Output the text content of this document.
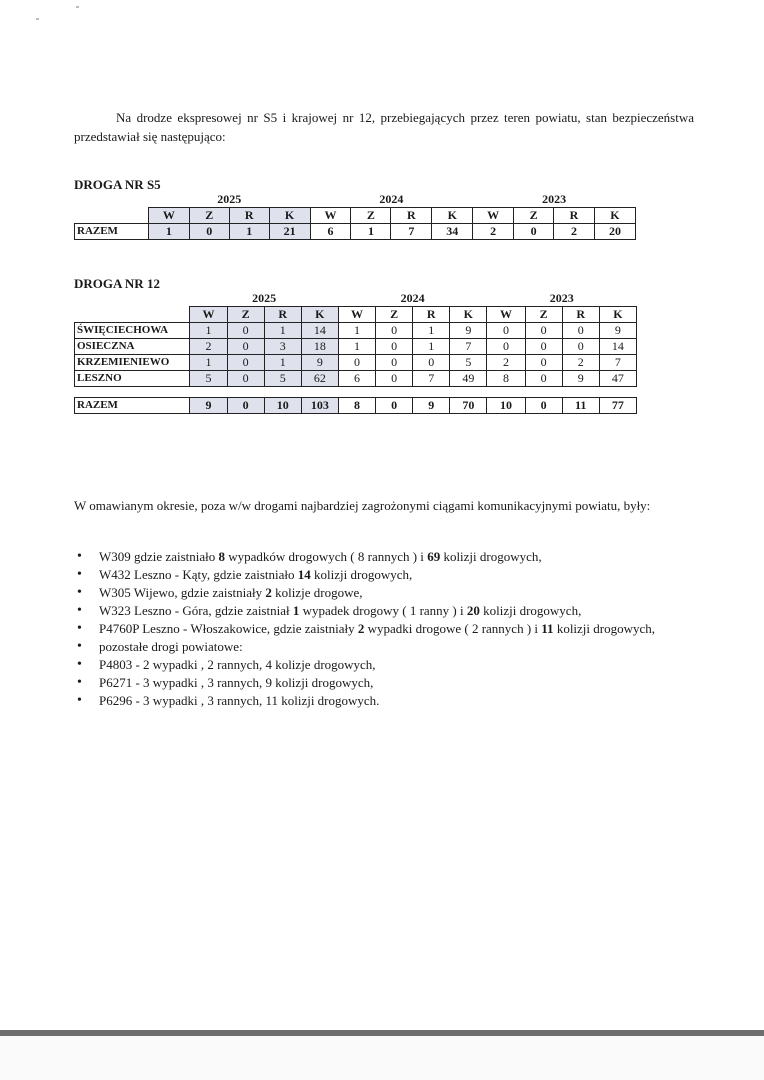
Na drodze ekspresowej nr S5 i krajowej nr 12, przebiegających przez teren powiatu, stan bezpieczeństwa przedstawiał się następująco:
DROGA NR S5
	2025				2024				2023			
	W	Z	R	K	W	Z	R	K	W	Z	R	K
RAZEM	1	0	1	21	6	1	7	34	2	0	2	20
DROGA NR 12
	2025				2024				2023			
	W	Z	R	K	W	Z	R	K	W	Z	R	K
ŚWIĘCIECHOWA	1	0	1	14	1	0	1	9	0	0	0	9
OSIECZNA	2	0	3	18	1	0	1	7	0	0	0	14
KRZEMIENIEWO	1	0	1	9	0	0	0	5	2	0	2	7
LESZNO	5	0	5	62	6	0	7	49	8	0	9	47

RAZEM	9	0	10	103	8	0	9	70	10	0	11	77
W omawianym okresie, poza w/w drogami najbardziej zagrożonymi ciągami komunikacyjnymi powiatu, były:
• W309 gdzie zaistniało 8 wypadków drogowych ( 8 rannych ) i 69 kolizji drogowych,
• W432 Leszno - Kąty, gdzie zaistniało 14 kolizji drogowych,
• W305 Wijewo, gdzie zaistniały 2 kolizje drogowe,
• W323 Leszno - Góra, gdzie zaistniał 1 wypadek drogowy ( 1 ranny ) i 20 kolizji drogowych,
• P4760P Leszno - Włoszakowice, gdzie zaistniały 2 wypadki drogowe ( 2 rannych ) i 11 kolizji drogowych,
• pozostałe drogi powiatowe:
• P4803 - 2 wypadki , 2 rannych, 4 kolizje drogowych,
• P6271 - 3 wypadki , 3 rannych, 9 kolizji drogowych,
• P6296 - 3 wypadki , 3 rannych, 11 kolizji drogowych.
